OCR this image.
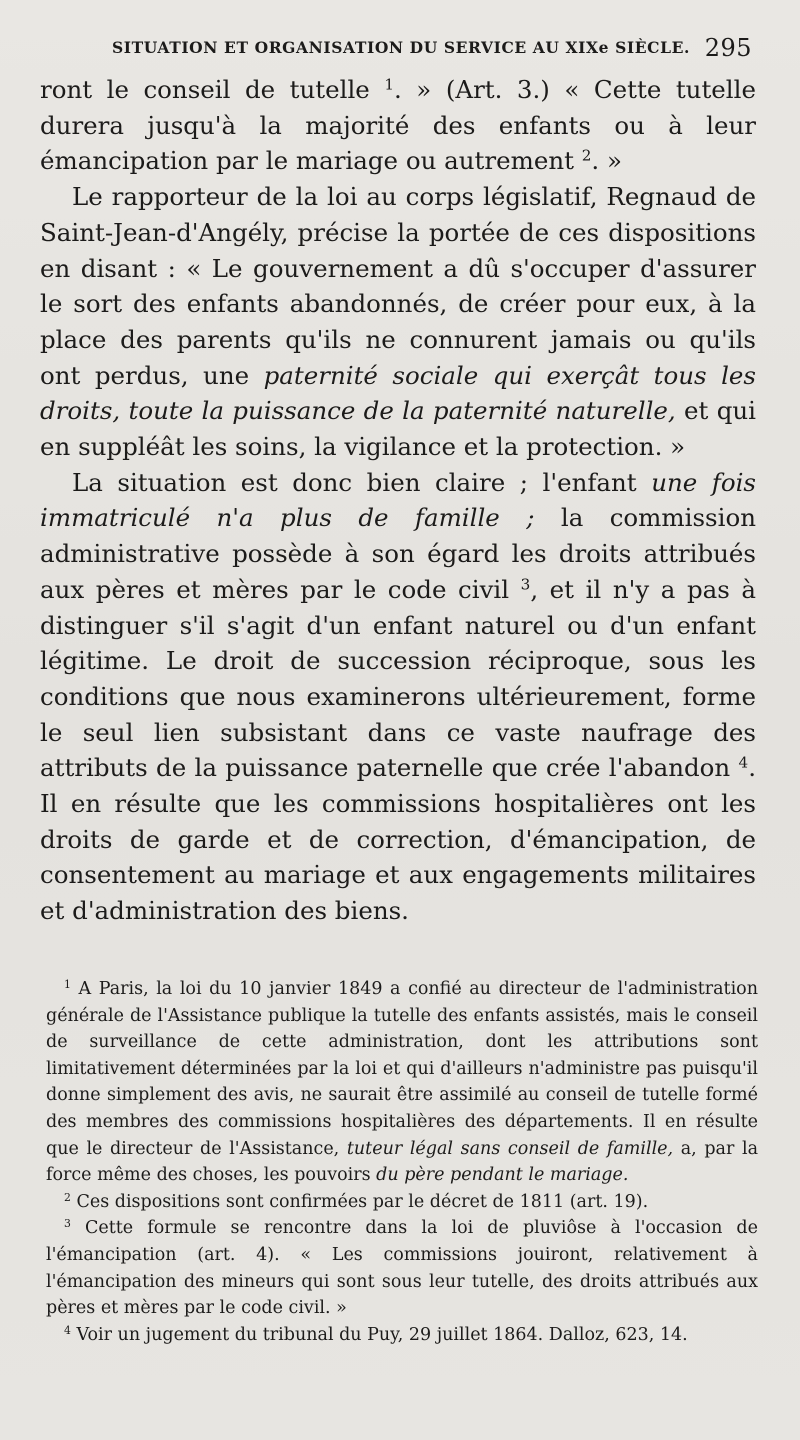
SITUATION ET ORGANISATION DU SERVICE AU XIXe SIÈCLE. 295

ront le conseil de tutelle $^1$. » (Art. 3.) « Cette tutelle durera jusqu'à la majorité des enfants ou à leur émancipation par le mariage ou autrement $^2$. »

Le rapporteur de la loi au corps législatif, Regnaud de Saint-Jean-d'Angély, précise la portée de ces dispositions en disant : « Le gouvernement a dû s'occuper d'assurer le sort des enfants abandonnés, de créer pour eux, à la place des parents qu'ils ne connurent jamais ou qu'ils ont perdus, une paternité sociale qui exerçât tous les droits, toute la puissance de la paternité naturelle, et qui en suppléât les soins, la vigilance et la protection. »

La situation est donc bien claire ; l'enfant une fois immatriculé n'a plus de famille ; la commission administrative possède à son égard les droits attribués aux pères et mères par le code civil $^3$, et il n'y a pas à distinguer s'il s'agit d'un enfant naturel ou d'un enfant légitime. Le droit de succession réciproque, sous les conditions que nous examinerons ultérieurement, forme le seul lien subsistant dans ce vaste naufrage des attributs de la puissance paternelle que crée l'abandon $^4$. Il en résulte que les commissions hospitalières ont les droits de garde et de correction, d'émancipation, de consentement au mariage et aux engagements militaires et d'administration des biens.

$^1$ A Paris, la loi du 10 janvier 1849 a confié au directeur de l'administration générale de l'Assistance publique la tutelle des enfants assistés, mais le conseil de surveillance de cette administration, dont les attributions sont limitativement déterminées par la loi et qui d'ailleurs n'administre pas puisqu'il donne simplement des avis, ne saurait être assimilé au conseil de tutelle formé des membres des commissions hospitalières des départements. Il en résulte que le directeur de l'Assistance, tuteur légal sans conseil de famille, a, par la force même des choses, les pouvoirs du père pendant le mariage.

$^2$ Ces dispositions sont confirmées par le décret de 1811 (art. 19).

$^3$ Cette formule se rencontre dans la loi de pluviôse à l'occasion de l'émancipation (art. 4). « Les commissions jouiront, relativement à l'émancipation des mineurs qui sont sous leur tutelle, des droits attribués aux pères et mères par le code civil. »

$^4$ Voir un jugement du tribunal du Puy, 29 juillet 1864. Dalloz, 623, 14.
